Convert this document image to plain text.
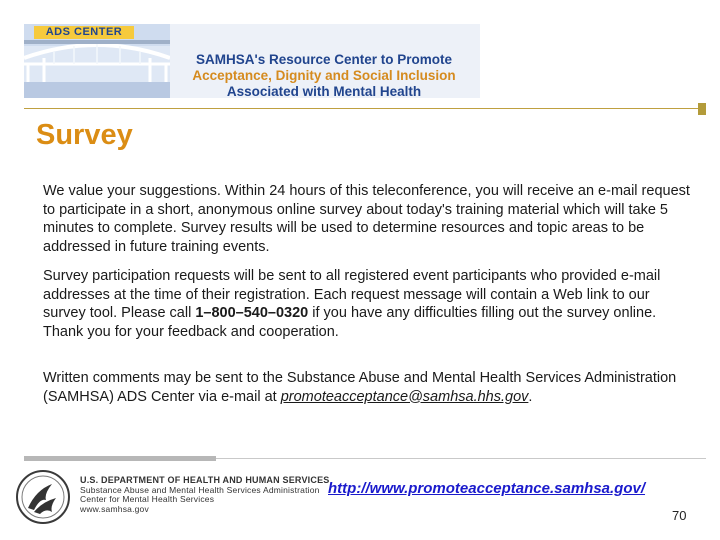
ADS CENTER
SAMHSA's Resource Center to Promote
Acceptance, Dignity and Social Inclusion
Associated with Mental Health
Survey

We value your suggestions. Within 24 hours of this teleconference, you will receive an e-mail request to participate in a short, anonymous online survey about today's training material which will take 5 minutes to complete. Survey results will be used to determine resources and topic areas to be addressed in future training events.

Survey participation requests will be sent to all registered event participants who provided e-mail addresses at the time of their registration. Each request message will contain a Web link to our survey tool. Please call 1–800–540–0320 if you have any difficulties filling out the survey online. Thank you for your feedback and cooperation.

Written comments may be sent to the Substance Abuse and Mental Health Services Administration (SAMHSA) ADS Center via e-mail at promoteacceptance@samhsa.hhs.gov.

U.S. DEPARTMENT OF HEALTH AND HUMAN SERVICES
Substance Abuse and Mental Health Services Administration
Center for Mental Health Services
www.samhsa.gov
http://www.promoteacceptance.samhsa.gov/
70
